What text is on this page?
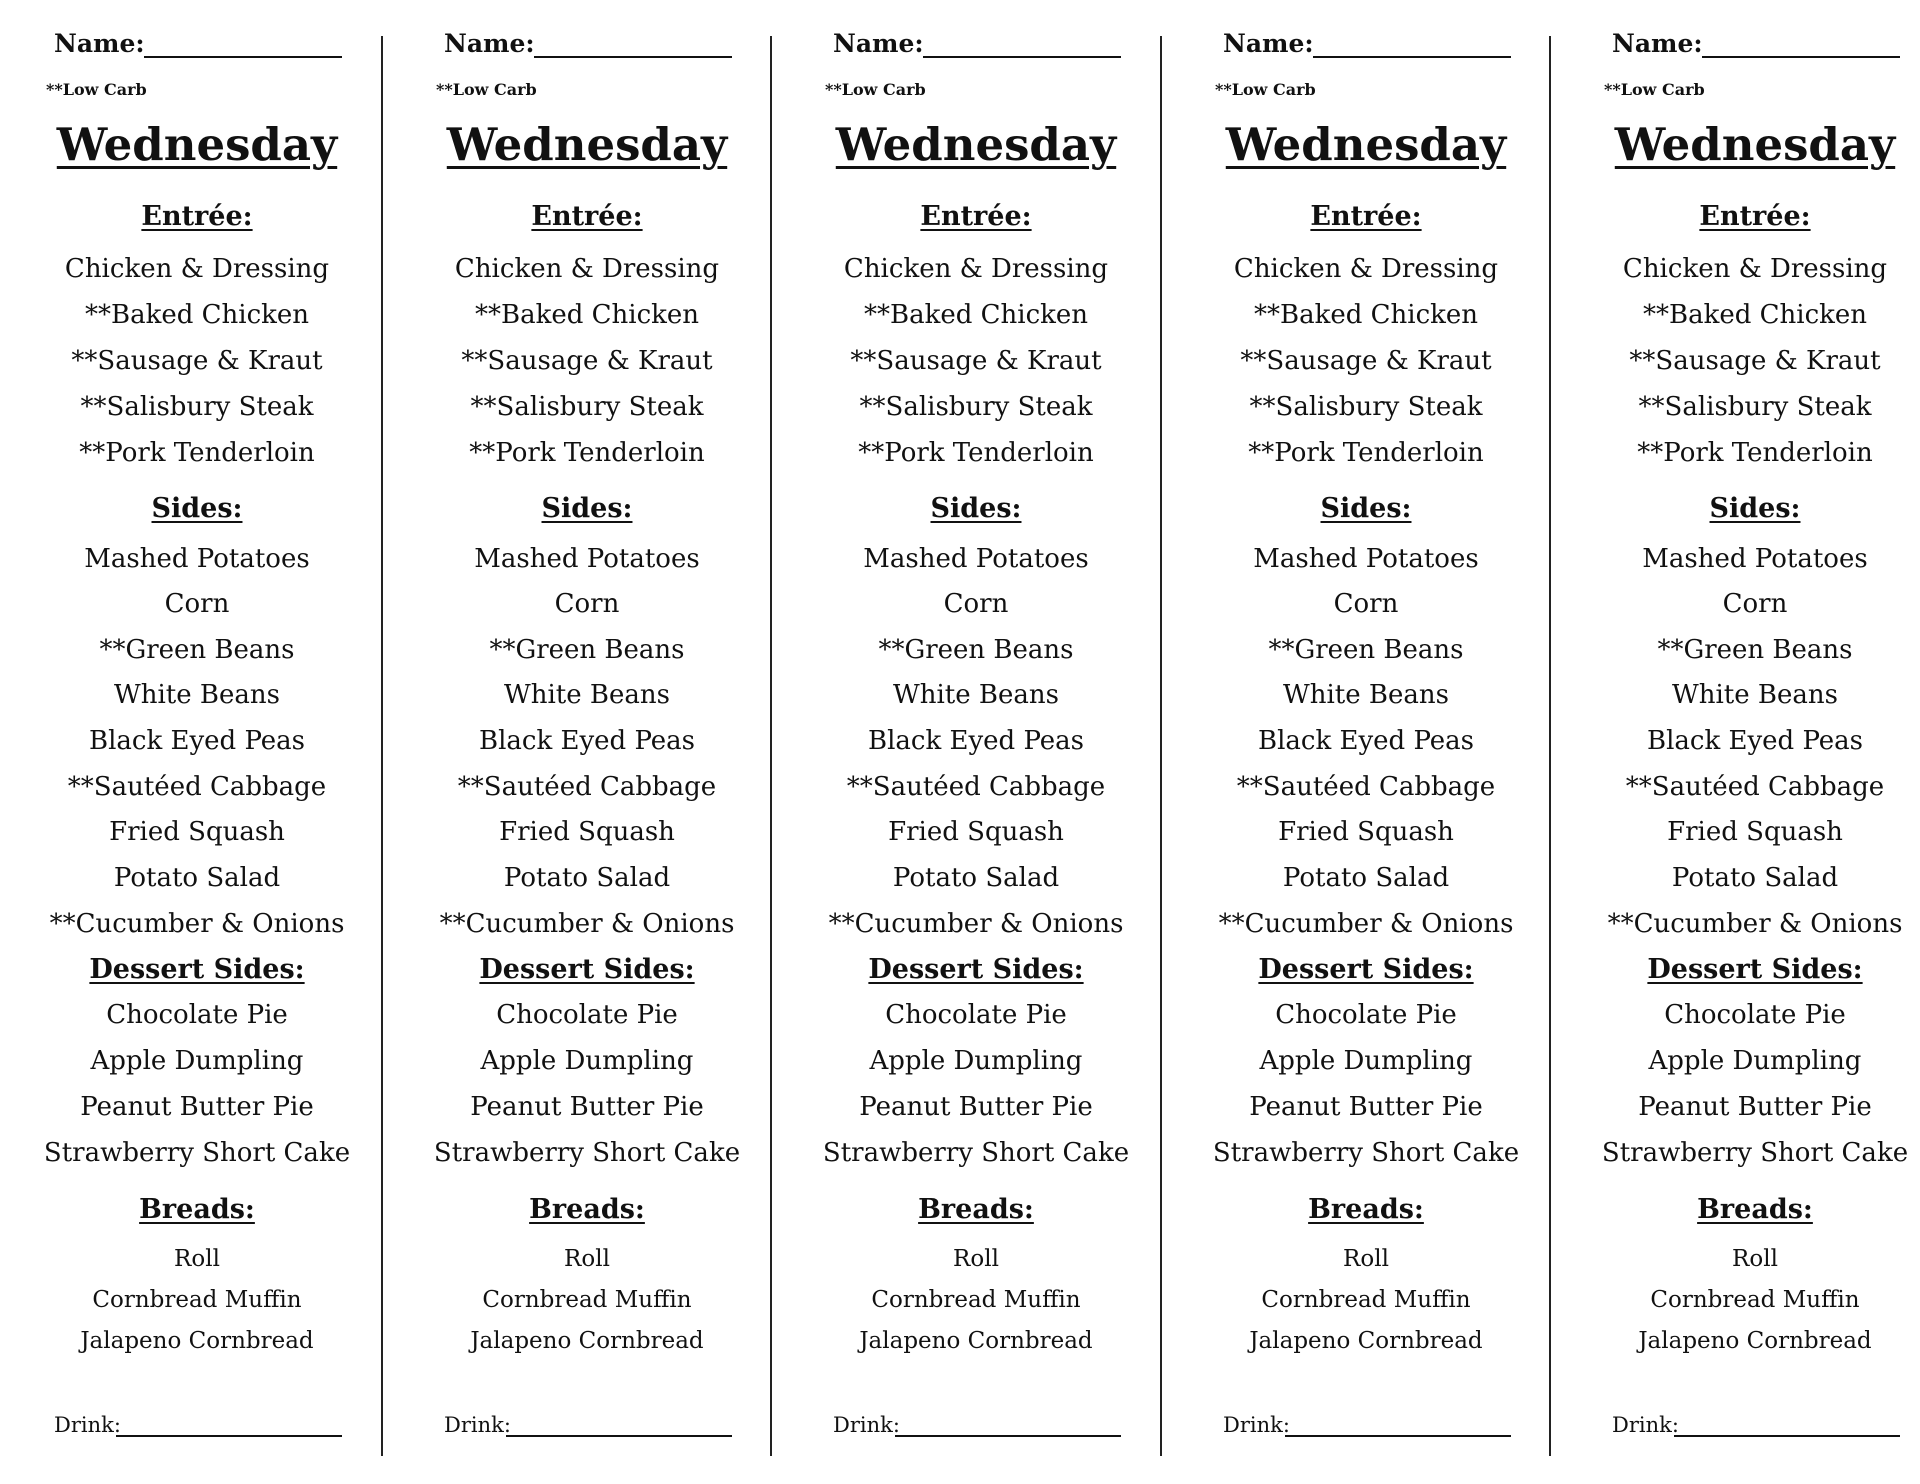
Name:
**Low Carb
Wednesday
Entrée:
Chicken & Dressing
**Baked Chicken
**Sausage & Kraut
**Salisbury Steak
**Pork Tenderloin
Sides:
Mashed Potatoes
Corn
**Green Beans
White Beans
Black Eyed Peas
**Sautéed Cabbage
Fried Squash
Potato Salad
**Cucumber & Onions
Dessert Sides:
Chocolate Pie
Apple Dumpling
Peanut Butter Pie
Strawberry Short Cake
Breads:
Roll
Cornbread Muffin
Jalapeno Cornbread
Drink:
Name:
**Low Carb
Wednesday
Entrée:
Chicken & Dressing
**Baked Chicken
**Sausage & Kraut
**Salisbury Steak
**Pork Tenderloin
Sides:
Mashed Potatoes
Corn
**Green Beans
White Beans
Black Eyed Peas
**Sautéed Cabbage
Fried Squash
Potato Salad
**Cucumber & Onions
Dessert Sides:
Chocolate Pie
Apple Dumpling
Peanut Butter Pie
Strawberry Short Cake
Breads:
Roll
Cornbread Muffin
Jalapeno Cornbread
Drink:
Name:
**Low Carb
Wednesday
Entrée:
Chicken & Dressing
**Baked Chicken
**Sausage & Kraut
**Salisbury Steak
**Pork Tenderloin
Sides:
Mashed Potatoes
Corn
**Green Beans
White Beans
Black Eyed Peas
**Sautéed Cabbage
Fried Squash
Potato Salad
**Cucumber & Onions
Dessert Sides:
Chocolate Pie
Apple Dumpling
Peanut Butter Pie
Strawberry Short Cake
Breads:
Roll
Cornbread Muffin
Jalapeno Cornbread
Drink:
Name:
**Low Carb
Wednesday
Entrée:
Chicken & Dressing
**Baked Chicken
**Sausage & Kraut
**Salisbury Steak
**Pork Tenderloin
Sides:
Mashed Potatoes
Corn
**Green Beans
White Beans
Black Eyed Peas
**Sautéed Cabbage
Fried Squash
Potato Salad
**Cucumber & Onions
Dessert Sides:
Chocolate Pie
Apple Dumpling
Peanut Butter Pie
Strawberry Short Cake
Breads:
Roll
Cornbread Muffin
Jalapeno Cornbread
Drink:
Name:
**Low Carb
Wednesday
Entrée:
Chicken & Dressing
**Baked Chicken
**Sausage & Kraut
**Salisbury Steak
**Pork Tenderloin
Sides:
Mashed Potatoes
Corn
**Green Beans
White Beans
Black Eyed Peas
**Sautéed Cabbage
Fried Squash
Potato Salad
**Cucumber & Onions
Dessert Sides:
Chocolate Pie
Apple Dumpling
Peanut Butter Pie
Strawberry Short Cake
Breads:
Roll
Cornbread Muffin
Jalapeno Cornbread
Drink:
